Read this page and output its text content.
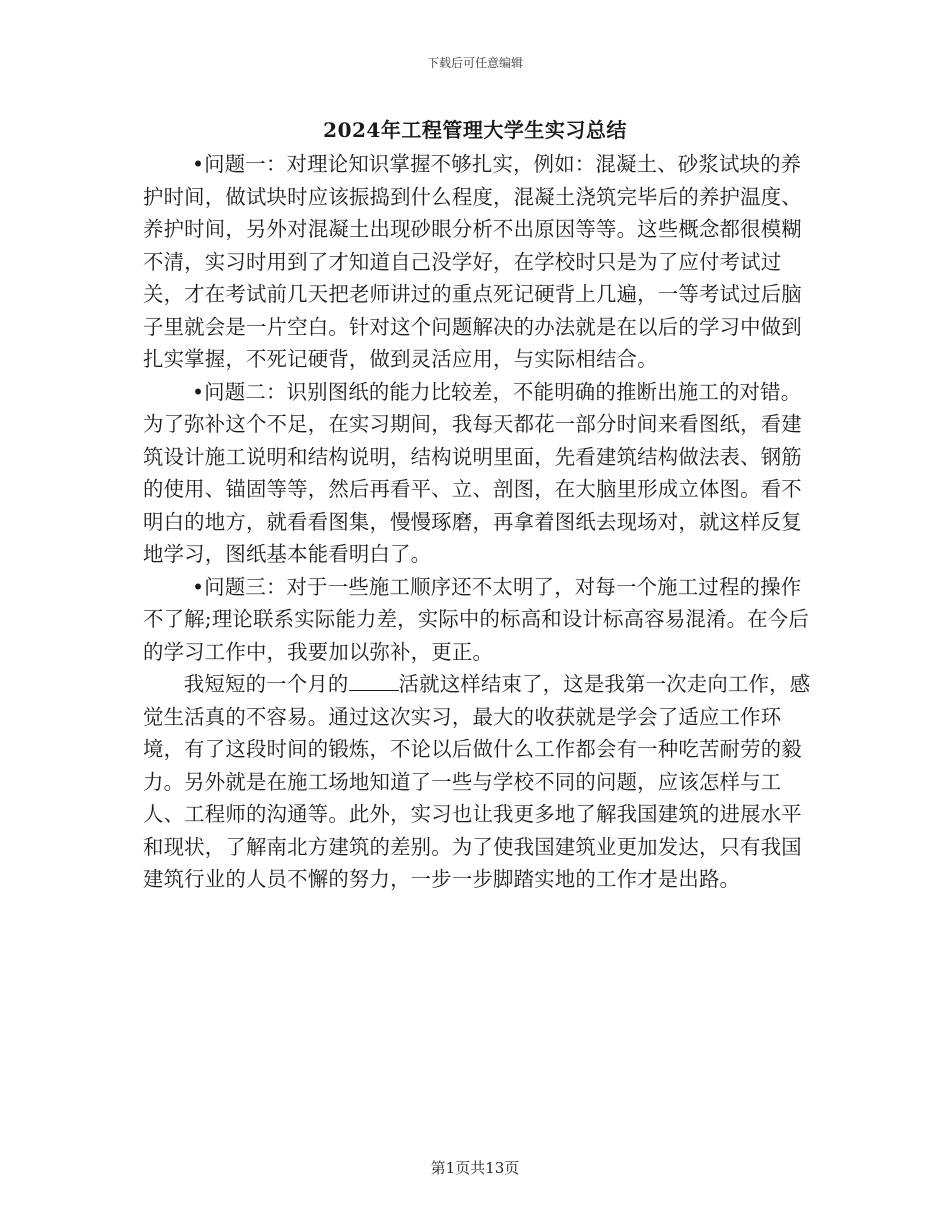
下载后可任意编辑
2024年工程管理大学生实习总结

•问题一：对理论知识掌握不够扎实，例如：混凝土、砂浆试块的养护时间，做试块时应该振捣到什么程度，混凝土浇筑完毕后的养护温度、养护时间，另外对混凝土出现砂眼分析不出原因等等。这些概念都很模糊不清，实习时用到了才知道自己没学好，在学校时只是为了应付考试过关，才在考试前几天把老师讲过的重点死记硬背上几遍，一等考试过后脑子里就会是一片空白。针对这个问题解决的办法就是在以后的学习中做到扎实掌握，不死记硬背，做到灵活应用，与实际相结合。

•问题二：识别图纸的能力比较差，不能明确的推断出施工的对错。为了弥补这个不足，在实习期间，我每天都花一部分时间来看图纸，看建筑设计施工说明和结构说明，结构说明里面，先看建筑结构做法表、钢筋的使用、锚固等等，然后再看平、立、剖图，在大脑里形成立体图。看不明白的地方，就看看图集，慢慢琢磨，再拿着图纸去现场对，就这样反复地学习，图纸基本能看明白了。

•问题三：对于一些施工顺序还不太明了，对每一个施工过程的操作不了解;理论联系实际能力差，实际中的标高和设计标高容易混淆。在今后的学习工作中，我要加以弥补，更正。

我短短的一个月的 活就这样结束了，这是我第一次走向工作，感觉生活真的不容易。通过这次实习，最大的收获就是学会了适应工作环境，有了这段时间的锻炼，不论以后做什么工作都会有一种吃苦耐劳的毅力。另外就是在施工场地知道了一些与学校不同的问题，应该怎样与工人、工程师的沟通等。此外，实习也让我更多地了解我国建筑的进展水平和现状，了解南北方建筑的差别。为了使我国建筑业更加发达，只有我国建筑行业的人员不懈的努力，一步一步脚踏实地的工作才是出路。

第1页共13页
